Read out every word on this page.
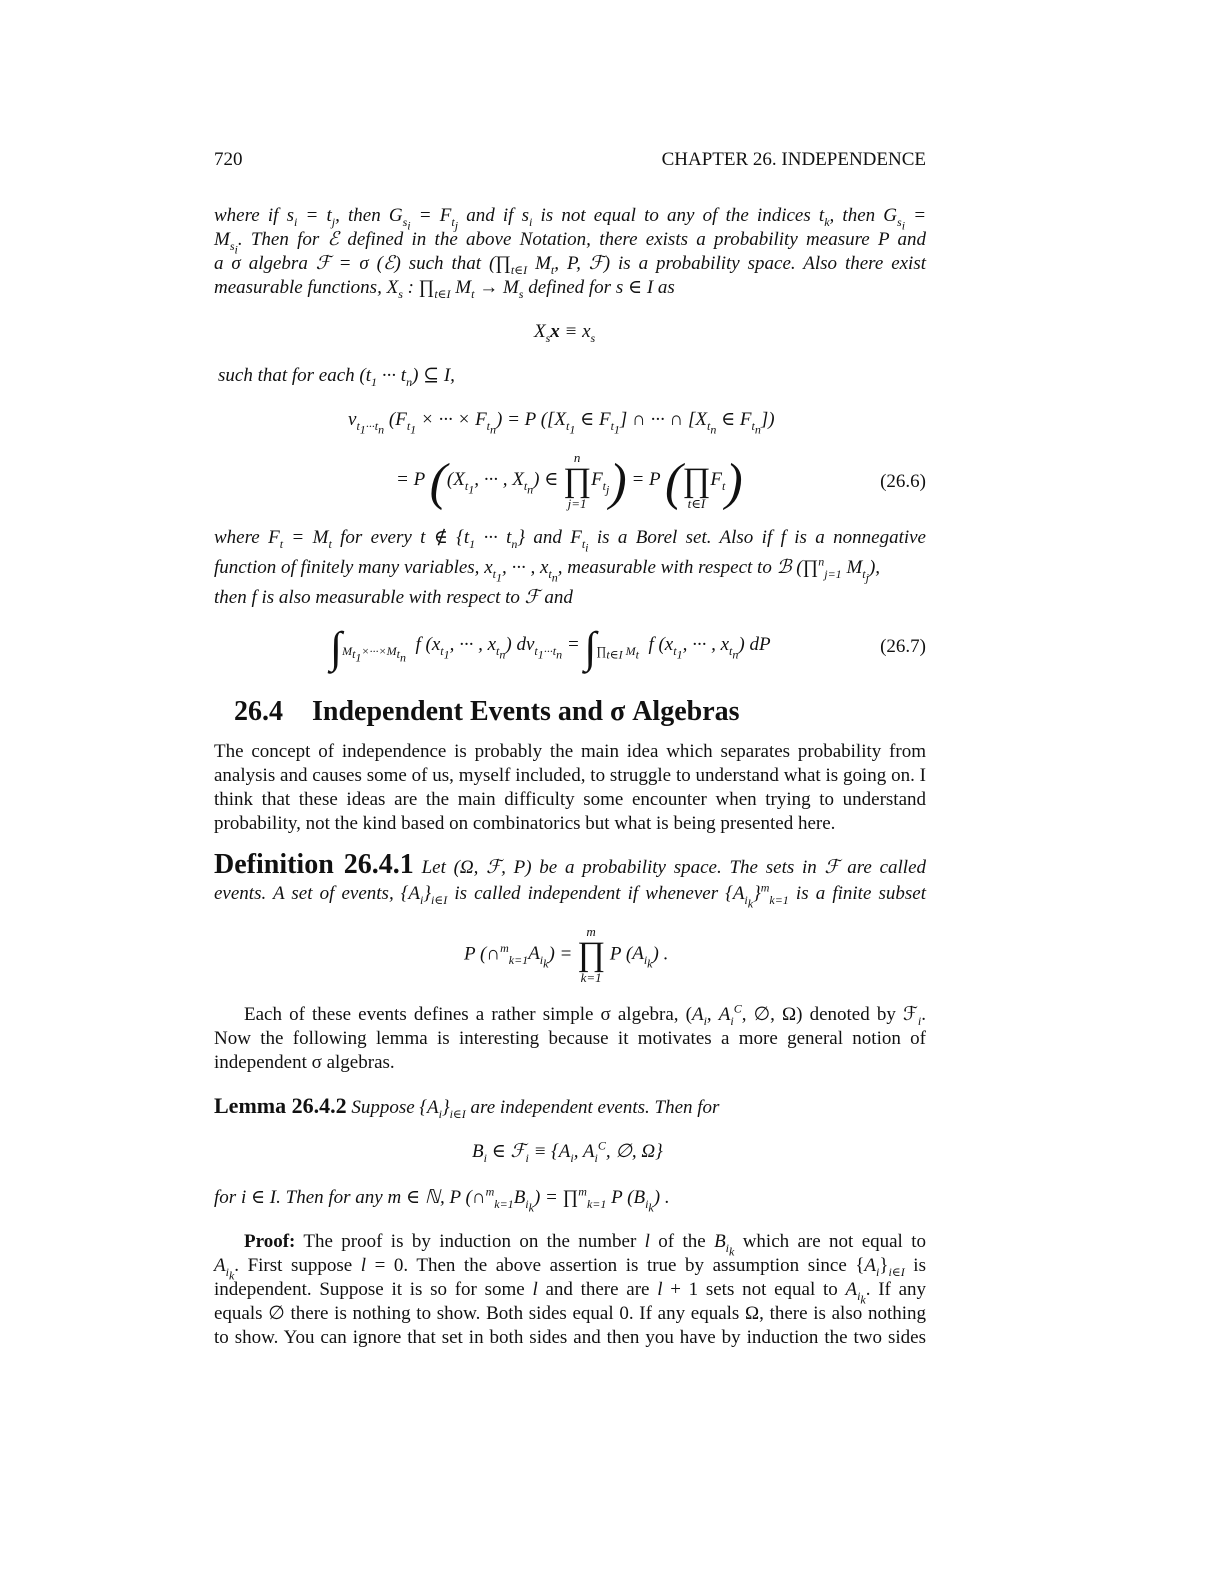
720	CHAPTER 26. INDEPENDENCE
where if $s_i = t_j$, then $G_{s_i} = F_{t_j}$ and if $s_i$ is not equal to any of the indices $t_k$, then $G_{s_i}$ =
$M_{s_i}$. Then for ℰ defined in the above Notation, there exists a probability measure P and
a σ algebra ℱ = σ (ℰ) such that ($\prod_{t\in I}$ $M_t$, P, ℱ) is a probability space. Also there exist
measurable functions, $X_s$ : $\prod_{t\in I}$ $M_t \to M_s$ defined for s ∈ I as
$X_sx \equiv x_s$
such that for each ($t_1$ ··· $t_n$) ⊆ I,
$\nu_{t_1\cdot\cdot\cdot t_n}$ ($F_{t_1}$ × ··· × $F_{t_n}) = P$ ([$X_{t_1}$ ∈ $F_{t_1}$] ∩ ··· ∩ [$X_{t_n}$ ∈ $F_{t_n}$])
= P (($X_{t_1}$, ··· , $X_{t_n}$) ∈
n
∏
j=1
$F_{t_j}) = P$ (
∏
t∈I
$F_t$)	(26.6)
where $F_t = M_t$ for every t ∉ {$t_1$ ··· $t_n$} and $F_{t_i}$ is a Borel set. Also if f is a nonnegative
function of finitely many variables, $x_{t_1}$, ··· , $x_{t_n}$, measurable with respect to ℬ (∏$^n_{j=1}$ $M_{t_j}$),
then f is also measurable with respect to ℱ and
$\int_{M_{t_1}\times\cdot\cdot\cdot\times M_{t_n}}$  f ($x_{t_1}$, ··· , $x_{t_n}$) $d\nu_{t_1\cdot\cdot\cdot t_n} = \int_{\prod_{t\in I} M_t}$ f ($x_{t_1}$, ··· , $x_{t_n}$) dP	(26.7)
26.4 Independent Events and σ Algebras
The concept of independence is probably the main idea which separates probability from analysis and causes some of us, myself included, to struggle to understand what is going on. I think that these ideas are the main difficulty some encounter when trying to understand probability, not the kind based on combinatorics but what is being presented here.
Definition 26.4.1 Let (Ω, ℱ, P) be a probability space. The sets in ℱ are called
events. A set of events, $\{A_i\}_{i\in I}$ is called independent if whenever $\{A_{i_k}\}^m_{k=1}$ is a finite subset
P $(\cap^m_{k=1}A_{i_k})$ =
m
∏
k=1
P $(A_{i_k})$ .
Each of these events defines a rather simple σ algebra, ($A_i$, $A_i^C$, ∅, Ω) denoted by ℱ$_i$.
Now the following lemma is interesting because it motivates a more general notion of
independent σ algebras.
Lemma 26.4.2 Suppose $\{A_i\}_{i\in I}$ are independent events. Then for
$B_i$ ∈ ℱ$_i$ ≡ {$A_i$, $A_i^C$, ∅, Ω}
for i ∈ I. Then for any m ∈ ℕ, P $(\cap^m_{k=1}B_{i_k})$ = ∏$^m_{k=1}$ P $(B_{i_k})$ .
Proof: The proof is by induction on the number l of the $B_{i_k}$ which are not equal to
$A_{i_k}$. First suppose l = 0. Then the above assertion is true by assumption since $\{A_i\}_{i\in I}$ is
independent. Suppose it is so for some l and there are l + 1 sets not equal to $A_{i_k}$. If any
equals ∅ there is nothing to show. Both sides equal 0. If any equals Ω, there is also nothing
to show. You can ignore that set in both sides and then you have by induction the two sides
